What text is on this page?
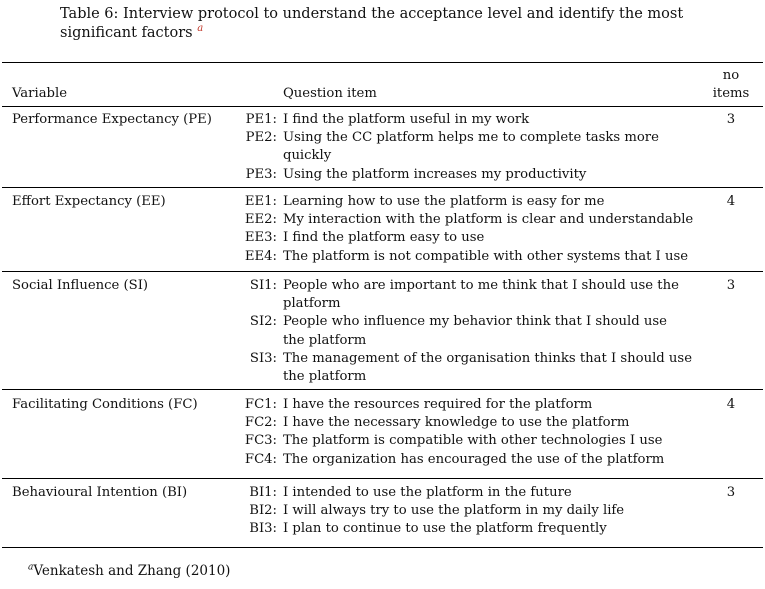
Table 6: Interview protocol to understand the acceptance level and identify the most significant factors $^a$
no
items
Variable	Question item
Performance Expectancy (PE)	3
PE1: I find the platform useful in my work
PE2: Using the CC platform helps me to complete tasks more
quickly
PE3: Using the platform increases my productivity
Effort Expectancy (EE)	4
EE1: Learning how to use the platform is easy for me
EE2: My interaction with the platform is clear and understandable
EE3: I find the platform easy to use
EE4: The platform is not compatible with other systems that I use
Social Influence (SI)	3
SI1: People who are important to me think that I should use the
platform
SI2: People who influence my behavior think that I should use
the platform
SI3: The management of the organisation thinks that I should use
the platform
Facilitating Conditions (FC)	4
FC1: I have the resources required for the platform
FC2: I have the necessary knowledge to use the platform
FC3: The platform is compatible with other technologies I use
FC4: The organization has encouraged the use of the platform
Behavioural Intention (BI)	3
BI1: I intended to use the platform in the future
BI2: I will always try to use the platform in my daily life
BI3: I plan to continue to use the platform frequently
$^a$Venkatesh and Zhang (2010)
